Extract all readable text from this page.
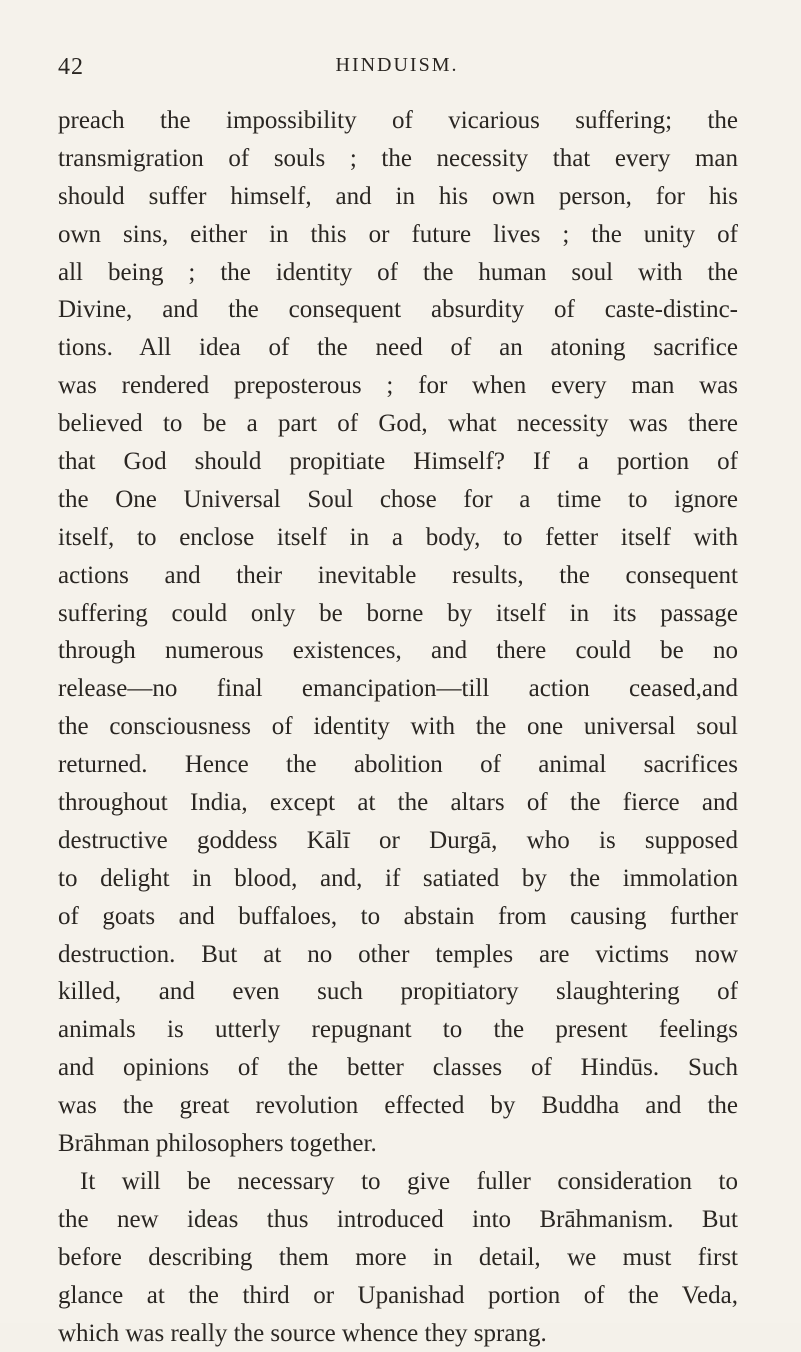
42	HINDUISM.
preach the impossibility of vicarious suffering; the
transmigration of souls ; the necessity that every man
should suffer himself, and in his own person, for his
own sins, either in this or future lives ; the unity of
all being ; the identity of the human soul with the
Divine, and the consequent absurdity of caste-distinc-
tions. All idea of the need of an atoning sacrifice
was rendered preposterous ; for when every man was
believed to be a part of God, what necessity was there
that God should propitiate Himself? If a portion of
the One Universal Soul chose for a time to ignore
itself, to enclose itself in a body, to fetter itself with
actions and their inevitable results, the consequent
suffering could only be borne by itself in its passage
through numerous existences, and there could be no
release—no final emancipation—till action ceased,and
the consciousness of identity with the one universal soul
returned. Hence the abolition of animal sacrifices
throughout India, except at the altars of the fierce and
destructive goddess Kālī or Durgā, who is supposed
to delight in blood, and, if satiated by the immolation
of goats and buffaloes, to abstain from causing further
destruction. But at no other temples are victims now
killed, and even such propitiatory slaughtering of
animals is utterly repugnant to the present feelings
and opinions of the better classes of Hindūs. Such
was the great revolution effected by Buddha and the
Brāhman philosophers together.
It will be necessary to give fuller consideration to
the new ideas thus introduced into Brāhmanism. But
before describing them more in detail, we must first
glance at the third or Upanishad portion of the Veda,
which was really the source whence they sprang.
